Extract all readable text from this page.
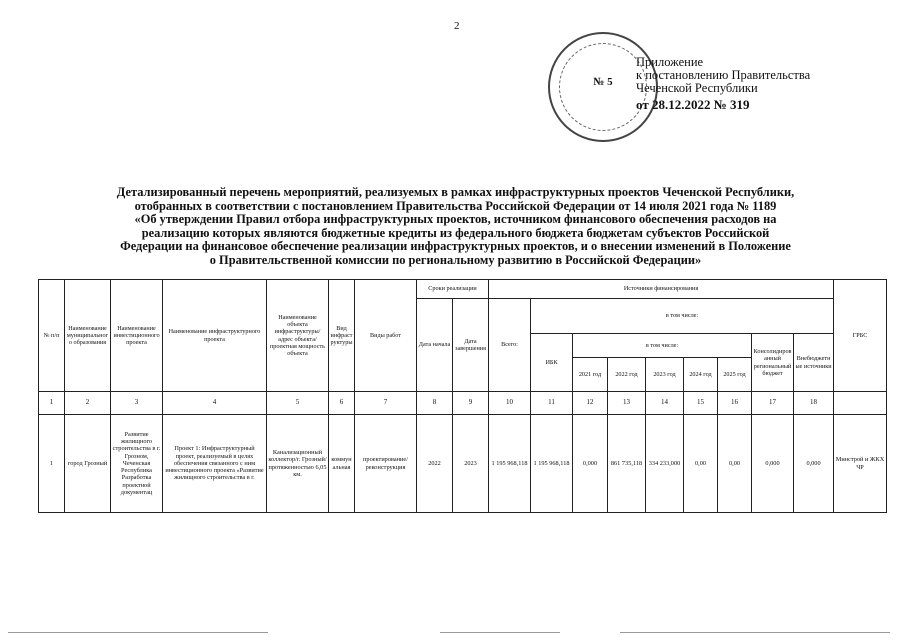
2
№ 5
Приложение
к постановлению Правительства
Чеченской Республики
от 28.12.2022 № 319
Детализированный перечень мероприятий, реализуемых в рамках инфраструктурных проектов Чеченской Республики,
отобранных в соответствии с постановлением Правительства Российской Федерации от 14 июля 2021 года № 1189
«Об утверждении Правил отбора инфраструктурных проектов, источником финансового обеспечения расходов на
реализацию которых являются бюджетные кредиты из федерального бюджета бюджетам субъектов Российской
Федерации на финансовое обеспечение реализации инфраструктурных проектов, и о внесении изменений в Положение
о Правительственной комиссии по региональному развитию в Российской Федерации»
№ п/п	Наименование муниципального образования	Наименование инвестиционного проекта	Наименование инфраструктурного проекта	Наименование объекта инфраструктуры/ адрес объекта/ проектная мощность объекта	Вид инфраструктуры	Виды работ	Сроки реализации		Источники финансирования									ГРБС
							Дата начала	Дата завершения	Всего:	в том числе:								
										ИБК	в том числе:					Консолидированный региональный бюджет	Внебюджетные источники	
											2021 год	2022 год	2023 год	2024 год	2025 год			
1	2	3	4	5	6	7	8	9	10	11	12	13	14	15	16	17	18	
1	город Грозный	Развитие жилищного строительства в г. Грозном, Чеченская Республика Разработка проектной документац	Проект 1: Инфраструктурный проект, реализуемый в целях обеспечения связанного с ним инвестиционного проекта «Развитие жилищного строительства в г.	Канализационный коллектор/г. Грозный/ протяженностью 6,05 км.	коммунальная	проектирование/реконструкция	2022	2023	1 195 968,118	1 195 968,118	0,000	861 735,118	334 233,000	0,00	0,00	0,000	0,000	Минстрой и ЖКХ ЧР
